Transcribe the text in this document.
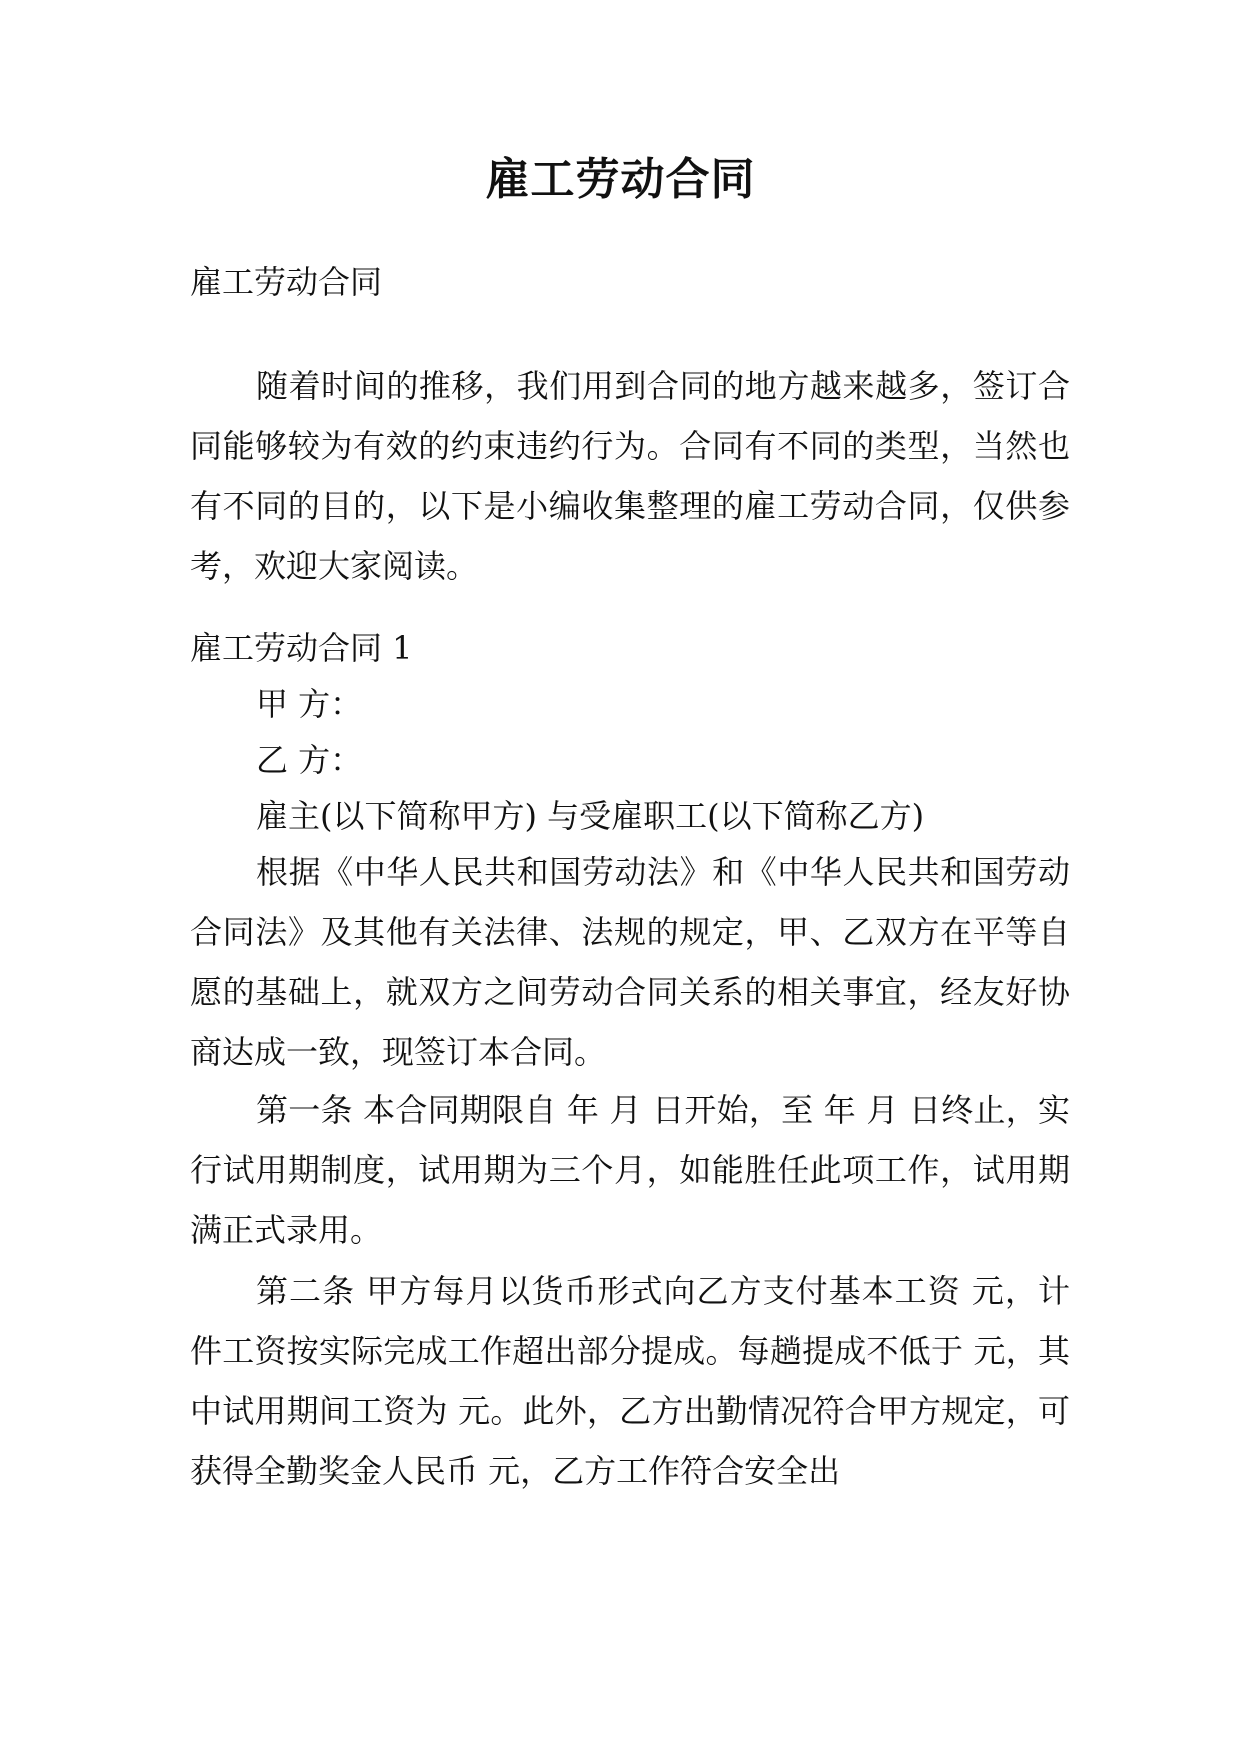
雇工劳动合同

雇工劳动合同

随着时间的推移，我们用到合同的地方越来越多，签订合同能够较为有效的约束违约行为。合同有不同的类型，当然也有不同的目的，以下是小编收集整理的雇工劳动合同，仅供参考，欢迎大家阅读。

雇工劳动合同 1

甲 方：

乙 方：

雇主(以下简称甲方) 与受雇职工(以下简称乙方)

根据《中华人民共和国劳动法》和《中华人民共和国劳动合同法》及其他有关法律、法规的规定，甲、乙双方在平等自愿的基础上，就双方之间劳动合同关系的相关事宜，经友好协商达成一致，现签订本合同。

第一条 本合同期限自 年 月 日开始，至 年 月 日终止，实行试用期制度，试用期为三个月，如能胜任此项工作，试用期满正式录用。

第二条 甲方每月以货币形式向乙方支付基本工资 元，计件工资按实际完成工作超出部分提成。每趟提成不低于 元，其中试用期间工资为 元。此外，乙方出勤情况符合甲方规定，可获得全勤奖金人民币 元，乙方工作符合安全出
